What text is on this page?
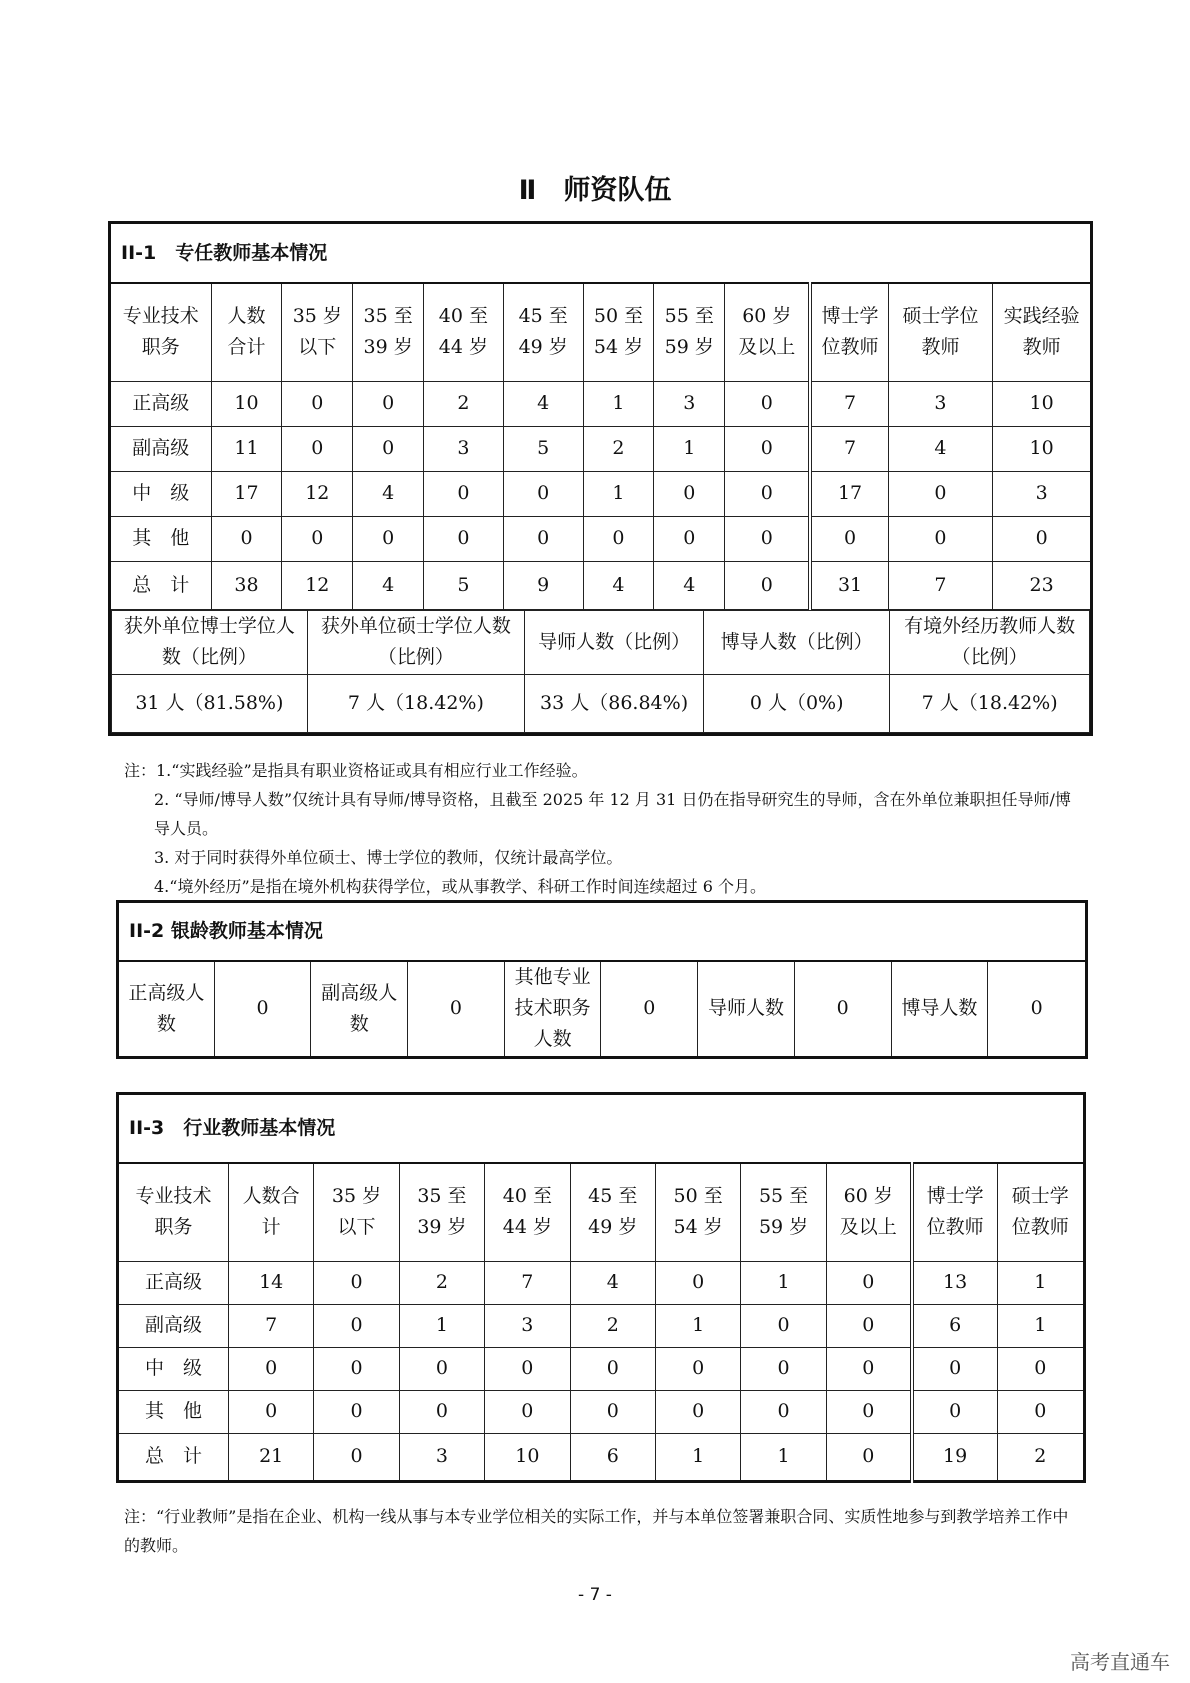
Ⅱ　师资队伍
II-1　专任教师基本情况
专业技术职务	人数合计	35 岁以下	35 至 39 岁	40 至 44 岁	45 至 49 岁	50 至 54 岁	55 至 59 岁	60 岁及以上	博士学位教师	硕士学位教师	实践经验教师
正高级	10	0	0	2	4	1	3	0	7	3	10
副高级	11	0	0	3	5	2	1	0	7	4	10
中　级	17	12	4	0	0	1	0	0	17	0	3
其　他	0	0	0	0	0	0	0	0	0	0	0
总　计	38	12	4	5	9	4	4	0	31	7	23

获外单位博士学位人数（比例）	获外单位硕士学位人数（比例）	导师人数（比例）	博导人数（比例）	有境外经历教师人数（比例）
31 人（81.58%)	7 人（18.42%)	33 人（86.84%)	0 人（0%)	7 人（18.42%)
注：1.“实践经验”是指具有职业资格证或具有相应行业工作经验。
2. “导师/博导人数”仅统计具有导师/博导资格，且截至 2025 年 12 月 31 日仍在指导研究生的导师，含在外单位兼职担任导师/博导人员。
3. 对于同时获得外单位硕士、博士学位的教师，仅统计最高学位。
4.“境外经历”是指在境外机构获得学位，或从事教学、科研工作时间连续超过 6 个月。
II-2 银龄教师基本情况
正高级人数	0	副高级人数	0	其他专业技术职务人数	0	导师人数	0	博导人数	0
II-3　行业教师基本情况										
专业技术职务	人数合计	35 岁以下	35 至 39 岁	40 至 44 岁	45 至 49 岁	50 至 54 岁	55 至 59 岁	60 岁及以上	博士学位教师	硕士学位教师
正高级	14	0	2	7	4	0	1	0	13	1
副高级	7	0	1	3	2	1	0	0	6	1
中　级	0	0	0	0	0	0	0	0	0	0
其　他	0	0	0	0	0	0	0	0	0	0
总　计	21	0	3	10	6	1	1	0	19	2
注：“行业教师”是指在企业、机构一线从事与本专业学位相关的实际工作，并与本单位签署兼职合同、实质性地参与到教学培养工作中的教师。
- 7 -
高考直通车
